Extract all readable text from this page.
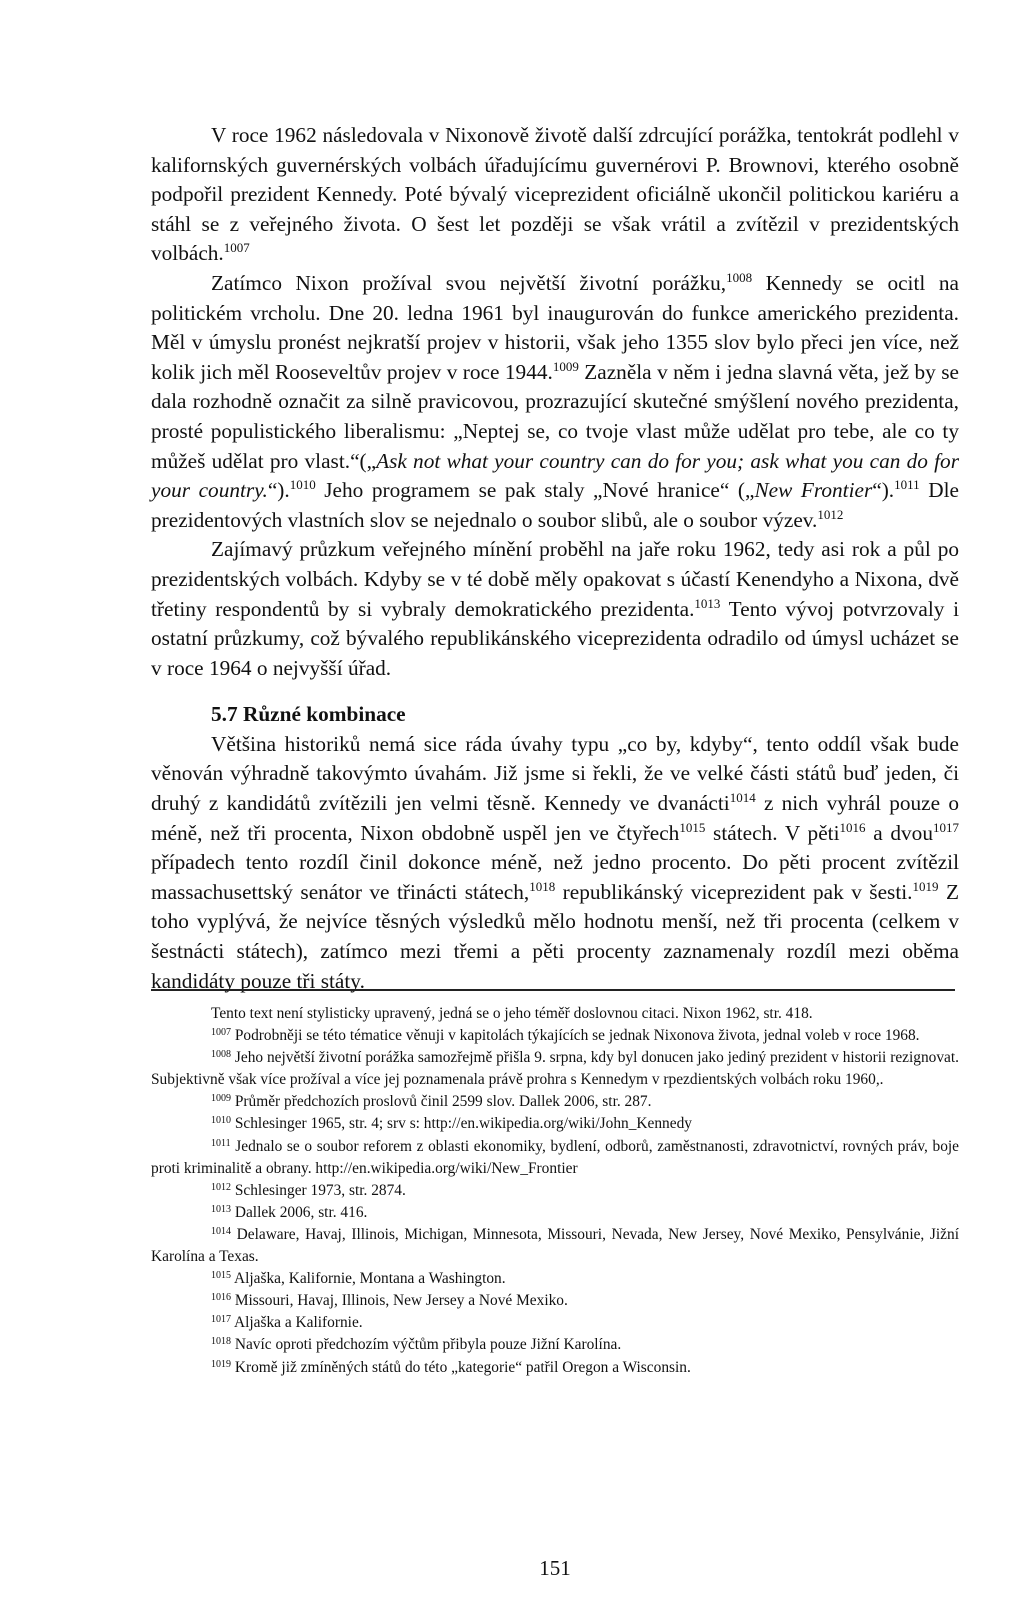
V roce 1962 následovala v Nixonově životě další zdrcující porážka, tentokrát podlehl v kalifornských guvernérských volbách úřadujícímu guvernérovi P. Brownovi, kterého osobně podpořil prezident Kennedy. Poté bývalý viceprezident oficiálně ukončil politickou kariéru a stáhl se z veřejného života. O šest let později se však vrátil a zvítězil v prezidentských volbách.$^{1007}$

Zatímco Nixon prožíval svou největší životní porážku,$^{1008}$ Kennedy se ocitl na politickém vrcholu. Dne 20. ledna 1961 byl inaugurován do funkce amerického prezidenta. Měl v úmyslu pronést nejkratší projev v historii, však jeho 1355 slov bylo přeci jen více, než kolik jich měl Rooseveltův projev v roce 1944.$^{1009}$ Zazněla v něm i jedna slavná věta, jež by se dala rozhodně označit za silně pravicovou, prozrazující skutečné smýšlení nového prezidenta, prosté populistického liberalismu: „Neptej se, co tvoje vlast může udělat pro tebe, ale co ty můžeš udělat pro vlast.“(„Ask not what your country can do for you; ask what you can do for your country.“).$^{1010}$ Jeho programem se pak staly „Nové hranice“ („New Frontier“).$^{1011}$ Dle prezidentových vlastních slov se nejednalo o soubor slibů, ale o soubor výzev.$^{1012}$

Zajímavý průzkum veřejného mínění proběhl na jaře roku 1962, tedy asi rok a půl po prezidentských volbách. Kdyby se v té době měly opakovat s účastí Kenendyho a Nixona, dvě třetiny respondentů by si vybraly demokratického prezidenta.$^{1013}$ Tento vývoj potvrzovaly i ostatní průzkumy, což bývalého republikánského viceprezidenta odradilo od úmysl ucházet se v roce 1964 o nejvyšší úřad.

5.7 Různé kombinace

Většina historiků nemá sice ráda úvahy typu „co by, kdyby“, tento oddíl však bude věnován výhradně takovýmto úvahám. Již jsme si řekli, že ve velké části států buď jeden, či druhý z kandidátů zvítězili jen velmi těsně. Kennedy ve dvanácti$^{1014}$ z nich vyhrál pouze o méně, než tři procenta, Nixon obdobně uspěl jen ve čtyřech$^{1015}$ státech. V pěti$^{1016}$ a dvou$^{1017}$ případech tento rozdíl činil dokonce méně, než jedno procento. Do pěti procent zvítězil massachusettský senátor ve třinácti státech,$^{1018}$ republikánský viceprezident pak v šesti.$^{1019}$ Z toho vyplývá, že nejvíce těsných výsledků mělo hodnotu menší, než tři procenta (celkem v šestnácti státech), zatímco mezi třemi a pěti procenty zaznamenaly rozdíl mezi oběma kandidáty pouze tři státy.

Tento text není stylisticky upravený, jedná se o jeho téměř doslovnou citaci. Nixon 1962, str. 418.

$^{1007}$ Podrobněji se této tématice věnuji v kapitolách týkajících se jednak Nixonova života, jednal voleb v roce 1968.

$^{1008}$ Jeho největší životní porážka samozřejmě přišla 9. srpna, kdy byl donucen jako jediný prezident v historii rezignovat. Subjektivně však více prožíval a více jej poznamenala právě prohra s Kennedym v rpezdientských volbách roku 1960,.

$^{1009}$ Průměr předchozích proslovů činil 2599 slov. Dallek 2006, str. 287.

$^{1010}$ Schlesinger 1965, str. 4; srv s: http://en.wikipedia.org/wiki/John_Kennedy

$^{1011}$ Jednalo se o soubor reforem z oblasti ekonomiky, bydlení, odborů, zaměstnanosti, zdravotnictví, rovných práv, boje proti kriminalitě a obrany. http://en.wikipedia.org/wiki/New_Frontier

$^{1012}$ Schlesinger 1973, str. 2874.

$^{1013}$ Dallek 2006, str. 416.

$^{1014}$ Delaware, Havaj, Illinois, Michigan, Minnesota, Missouri, Nevada, New Jersey, Nové Mexiko, Pensylvánie, Jižní Karolína a Texas.

$^{1015}$ Aljaška, Kalifornie, Montana a Washington.

$^{1016}$ Missouri, Havaj, Illinois, New Jersey a Nové Mexiko.

$^{1017}$ Aljaška a Kalifornie.

$^{1018}$ Navíc oproti předchozím výčtům přibyla pouze Jižní Karolína.

$^{1019}$ Kromě již zmíněných států do této „kategorie“ patřil Oregon a Wisconsin.

151
